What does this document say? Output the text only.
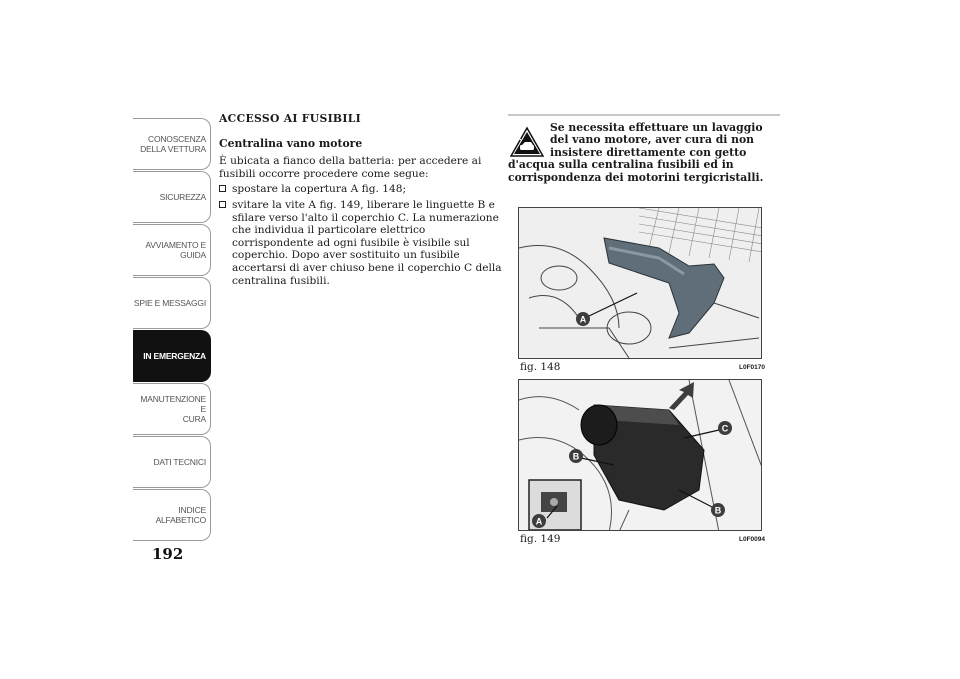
CONOSCENZA
DELLA VETTURA
SICUREZZA
AVVIAMENTO E
GUIDA
SPIE E MESSAGGI
IN EMERGENZA
MANUTENZIONE E
CURA
DATI TECNICI
INDICE
ALFABETICO
192
ACCESSO AI FUSIBILI
Centralina vano motore
È ubicata a fianco della batteria: per accedere ai fusibili occorre procedere come segue:
spostare la copertura A fig. 148;
svitare la vite A fig. 149, liberare le linguette B e sfilare verso l'alto il coperchio C. La numerazione che individua il particolare elettrico corrispondente ad ogni fusibile è visibile sul coperchio. Dopo aver sostituito un fusibile accertarsi di aver chiuso bene il coperchio C della centralina fusibili.
Se necessita effettuare un lavaggio del vano motore, aver cura di non insistere direttamente con getto d'acqua sulla centralina fusibili ed in corrispondenza dei motorini tergicristalli.
A
fig. 148	L0F0170
C
B
B
A
fig. 149	L0F0094
